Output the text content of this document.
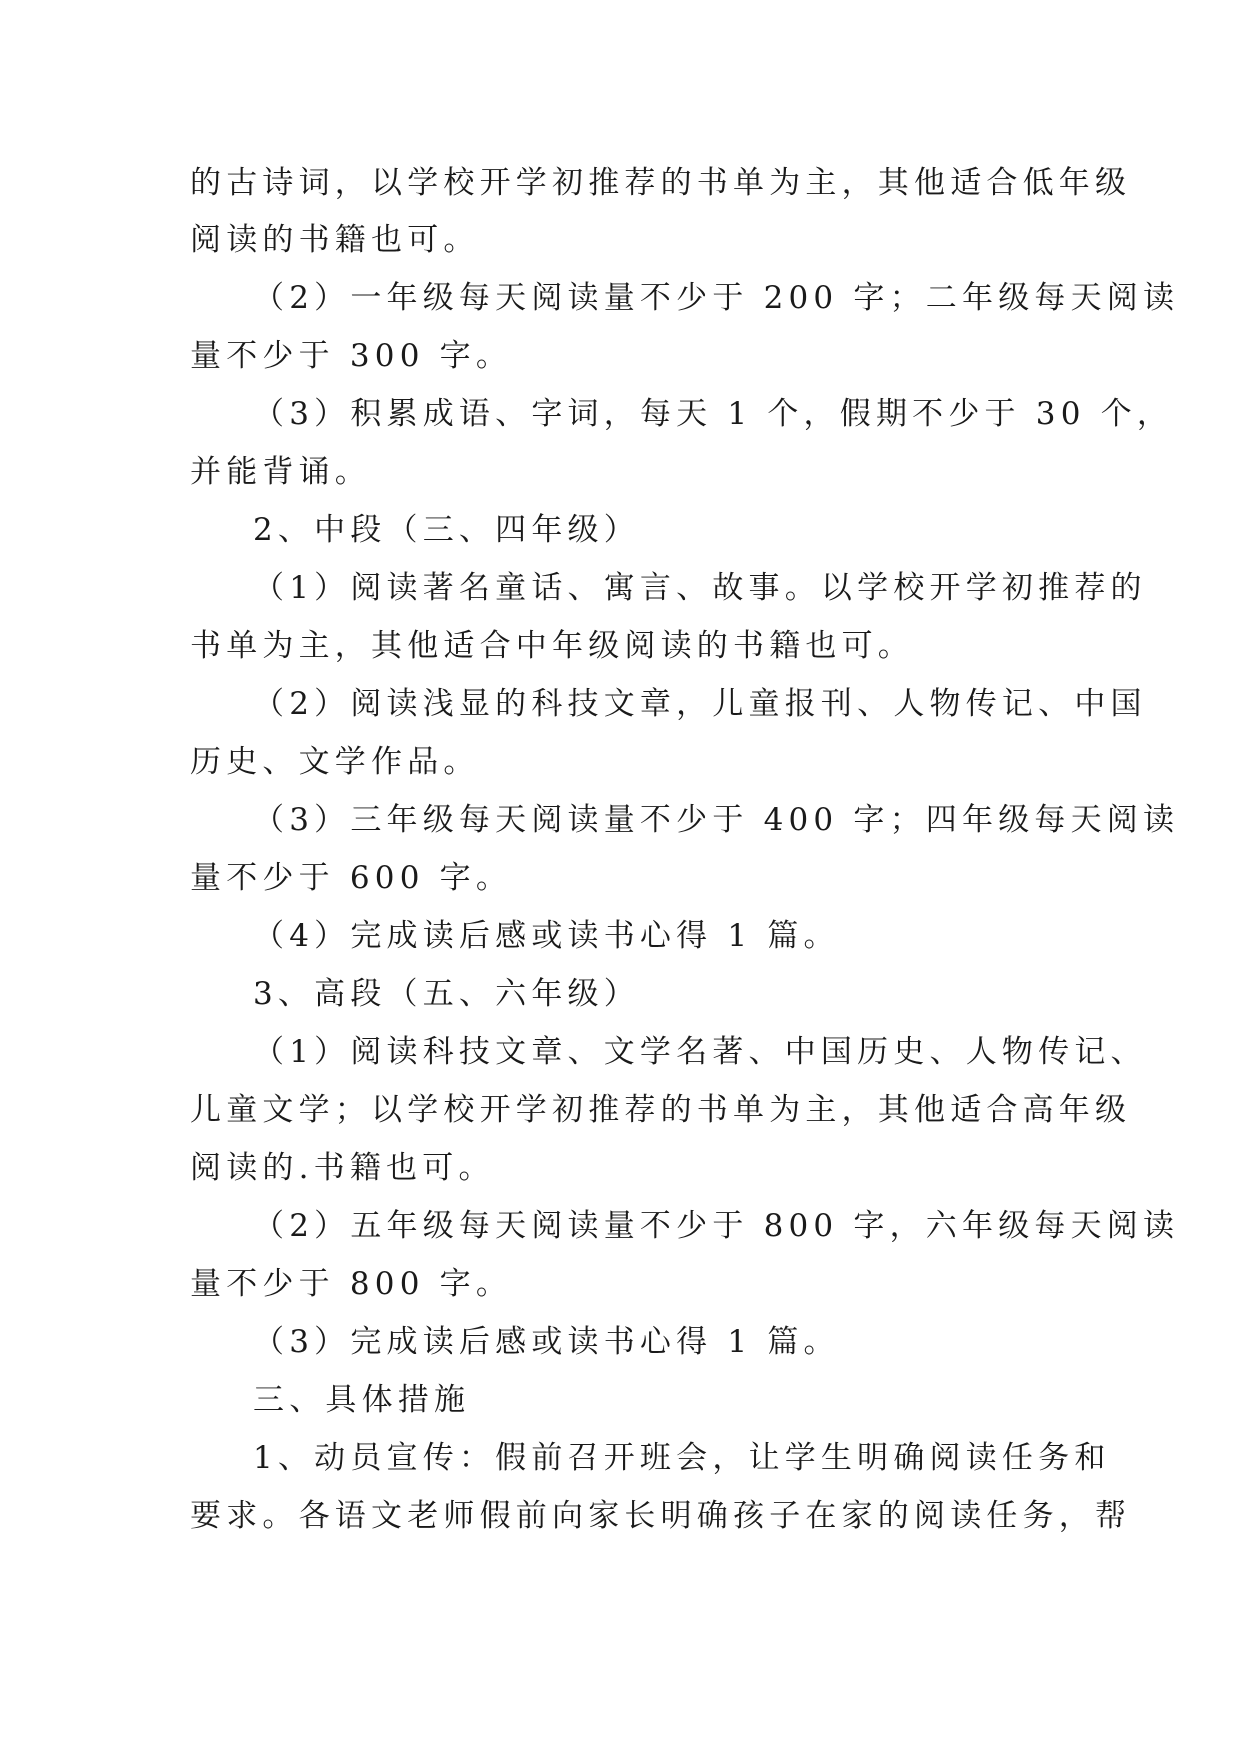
的古诗词，以学校开学初推荐的书单为主，其他适合低年级
阅读的书籍也可。
（2）一年级每天阅读量不少于 200 字；二年级每天阅读
量不少于 300 字。
（3）积累成语、字词，每天 1 个，假期不少于 30 个，
并能背诵。
2、中段（三、四年级）
（1）阅读著名童话、寓言、故事。以学校开学初推荐的
书单为主，其他适合中年级阅读的书籍也可。
（2）阅读浅显的科技文章，儿童报刊、人物传记、中国
历史、文学作品。
（3）三年级每天阅读量不少于 400 字；四年级每天阅读
量不少于 600 字。
（4）完成读后感或读书心得 1 篇。
3、高段（五、六年级）
（1）阅读科技文章、文学名著、中国历史、人物传记、
儿童文学；以学校开学初推荐的书单为主，其他适合高年级
阅读的.书籍也可。
（2）五年级每天阅读量不少于 800 字，六年级每天阅读
量不少于 800 字。
（3）完成读后感或读书心得 1 篇。
三、具体措施
1、动员宣传：假前召开班会，让学生明确阅读任务和
要求。各语文老师假前向家长明确孩子在家的阅读任务，帮
